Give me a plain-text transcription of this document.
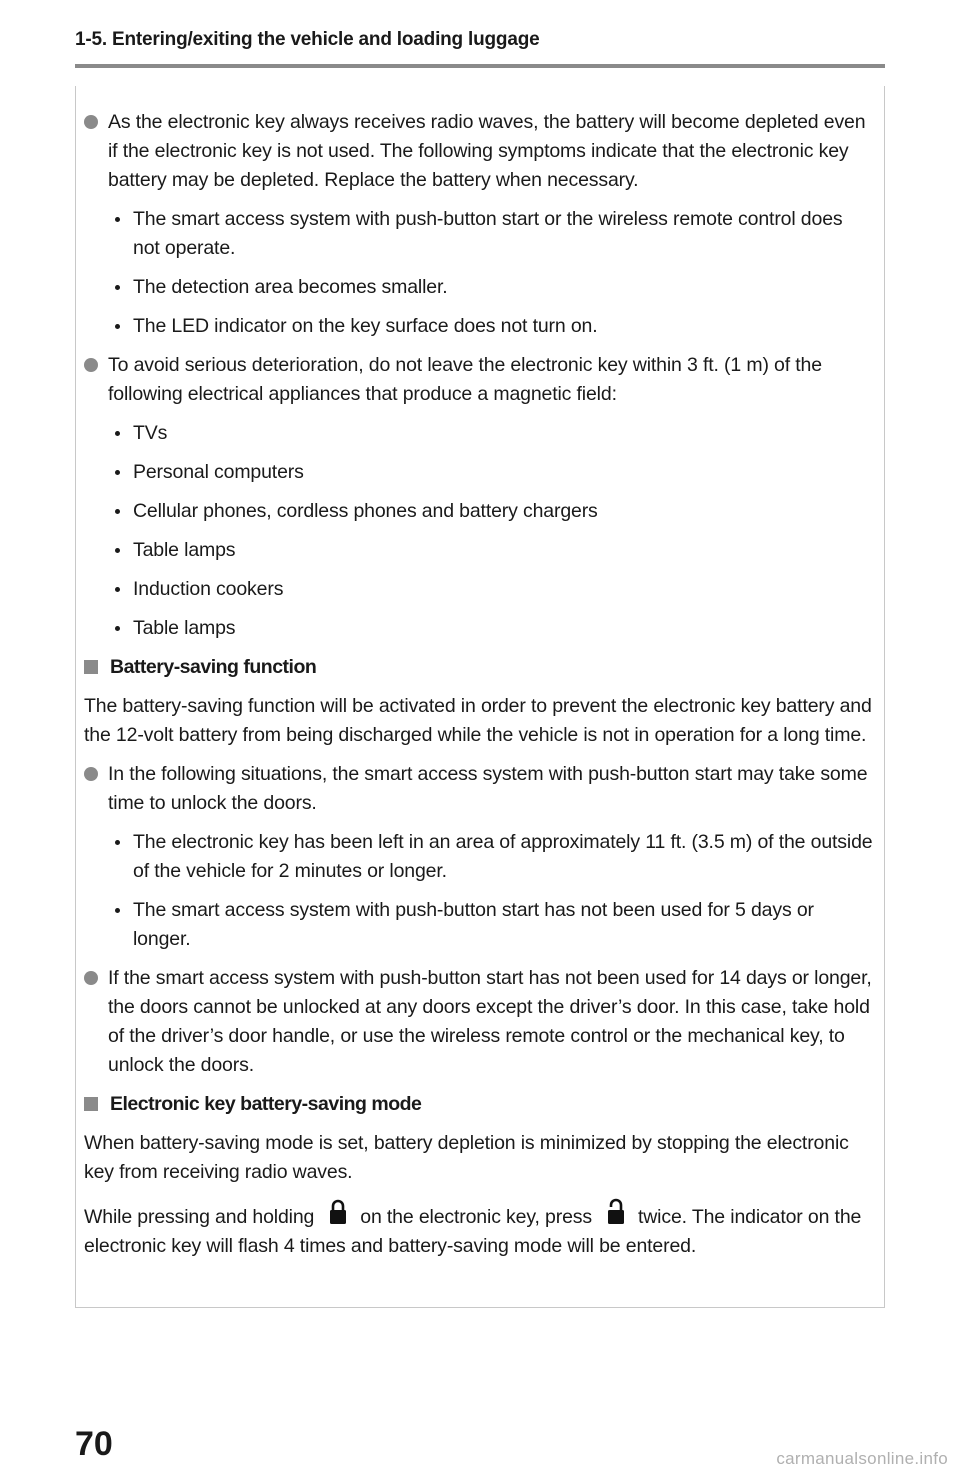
1-5. Entering/exiting the vehicle and loading luggage
As the electronic key always receives radio waves, the battery will become depleted even if the electronic key is not used. The following symptoms indicate that the electronic key battery may be depleted. Replace the battery when necessary.
The smart access system with push-button start or the wireless remote control does not operate.
The detection area becomes smaller.
The LED indicator on the key surface does not turn on.
To avoid serious deterioration, do not leave the electronic key within 3 ft. (1 m) of the following electrical appliances that produce a magnetic field:
TVs
Personal computers
Cellular phones, cordless phones and battery chargers
Table lamps
Induction cookers
Table lamps
Battery-saving function
The battery-saving function will be activated in order to prevent the electronic key battery and the 12-volt battery from being discharged while the vehicle is not in operation for a long time.
In the following situations, the smart access system with push-button start may take some time to unlock the doors.
The electronic key has been left in an area of approximately 11 ft. (3.5 m) of the outside of the vehicle for 2 minutes or longer.
The smart access system with push-button start has not been used for 5 days or longer.
If the smart access system with push-button start has not been used for 14 days or longer, the doors cannot be unlocked at any doors except the driver’s door. In this case, take hold of the driver’s door handle, or use the wireless remote control or the mechanical key, to unlock the doors.
Electronic key battery-saving mode
When battery-saving mode is set, battery depletion is minimized by stopping the electronic key from receiving radio waves.
While pressing and holding on the electronic key, press twice. The indicator on the electronic key will flash 4 times and battery-saving mode will be entered.
70	carmanualsonline.info
